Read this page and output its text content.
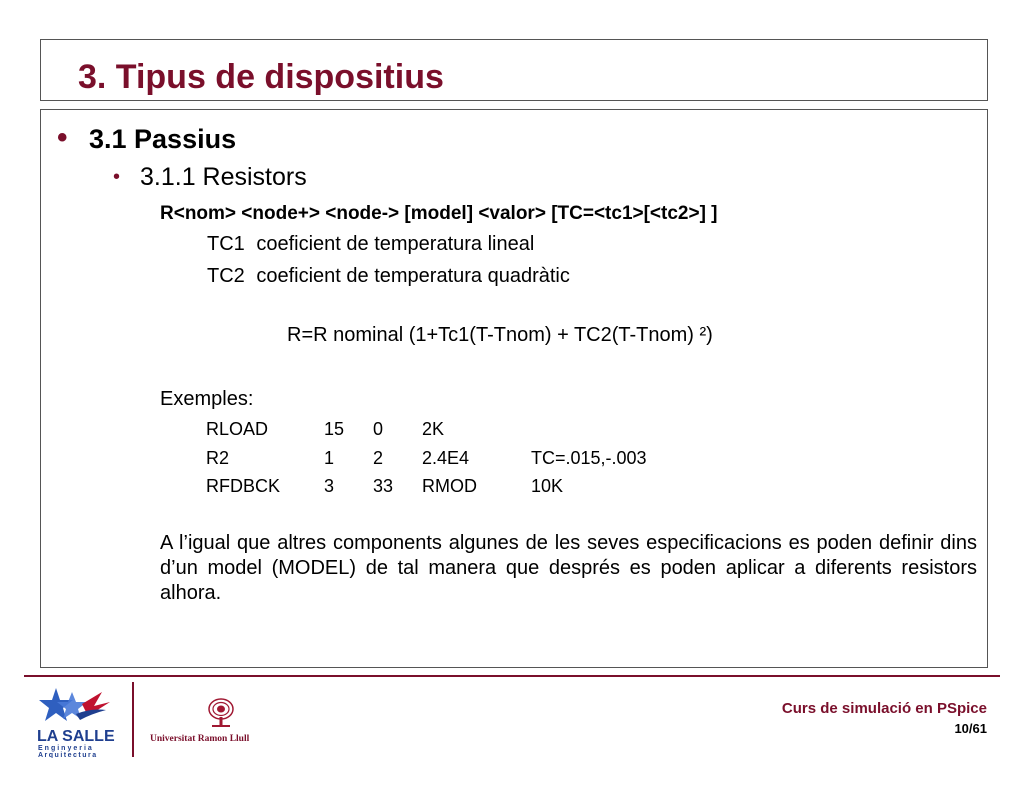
3. Tipus de dispositius
• 3.1 Passius
• 3.1.1 Resistors
R<nom> <node+> <node-> [model] <valor> [TC=<tc1>[<tc2>] ]
TC1 coeficient de temperatura lineal
TC2 coeficient de temperatura quadràtic
R=R nominal (1+Tc1(T-Tnom) + TC2(T-Tnom) ²)
Exemples:
RLOAD	15 0 2K
R2	1 2 2.4E4	TC=.015,-.003
RFDBCK 3 33 RMOD	10K
A l’igual que altres components algunes de les seves especificacions es poden definir dins d’un model (MODEL) de tal manera que després es poden aplicar a diferents resistors alhora.
LA SALLE
Enginyeria
Arquitectura
Universitat Ramon Llull
Curs de simulació en PSpice
10/61
